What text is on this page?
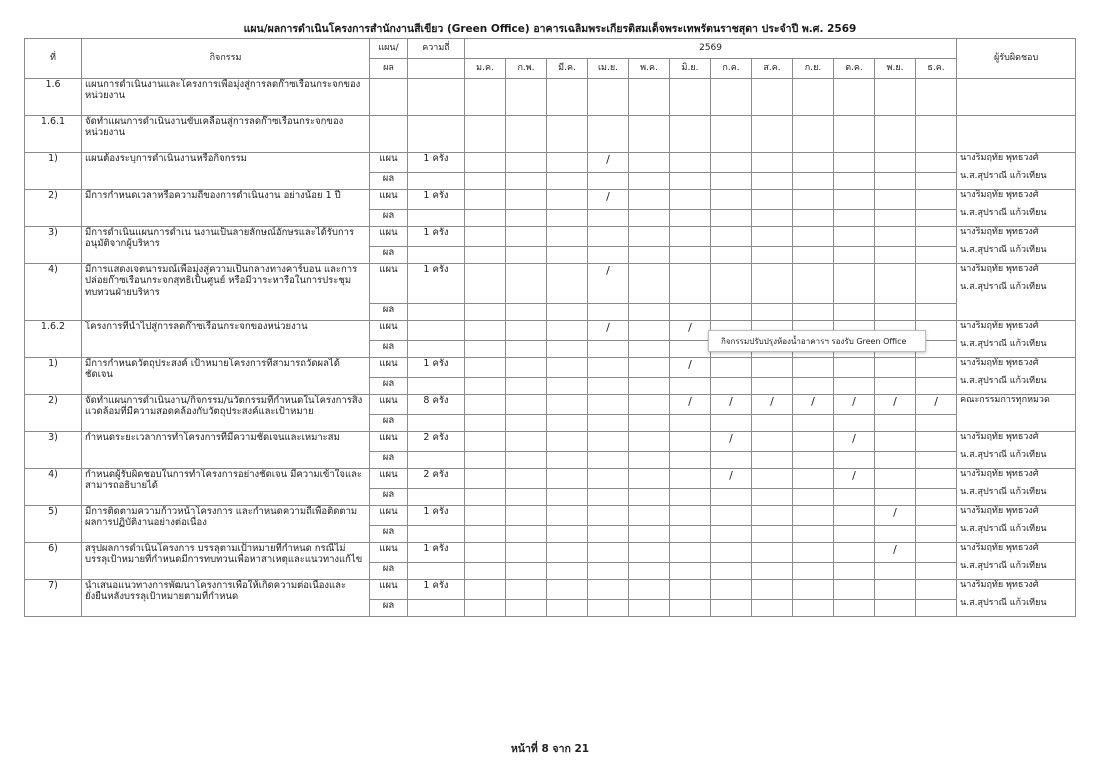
แผน/ผลการดำเนินโครงการสำนักงานสีเขียว (Green Office) อาคารเฉลิมพระเกียรติสมเด็จพระเทพรัตนราชสุดา ประจำปี พ.ศ. 2569
ที่	กิจกรรม	แผน/	ความถี่	2569												ผู้รับผิดชอบ
		ผล		ม.ค.	ก.พ.	มี.ค.	เม.ย.	พ.ค.	มิ.ย.	ก.ค.	ส.ค.	ก.ย.	ต.ค.	พ.ย.	ธ.ค.	
1.6	แผนการดำเนินงานและโครงการเพื่อมุ่งสู่การลดก๊าซเรือนกระจกของหน่วยงาน															
1.6.1	จัดทำแผนการดำเนินงานขับเคลื่อนสู่การลดก๊าซเรือนกระจกของหน่วยงาน															
1)	แผนต้องระบุการดำเนินงานหรือกิจกรรม	แผน	1 ครั้ง				/									นางริมฤทัย พุทธวงศ์
น.ส.สุปราณี แก้วเทียน

		ผล														
2)	มีการกำหนดเวลาหรือความถี่ของการดำเนินงาน อย่างน้อย 1 ปี	แผน	1 ครั้ง				/									นางริมฤทัย พุทธวงศ์
น.ส.สุปราณี แก้วเทียน

		ผล														
3)	มีการดำเนินแผนการดำเน นงานเป็นลายลักษณ์อักษรและได้รับการอนุมัติจากผู้บริหาร	แผน	1 ครั้ง													นางริมฤทัย พุทธวงศ์
น.ส.สุปราณี แก้วเทียน

		ผล														
4)	มีการแสดงเจตนารมณ์เพื่อมุ่งสู่ความเป็นกลางทางคาร์บอน และการปล่อยก๊าซเรือนกระจกสุทธิเป็นศูนย์ หรือมีวาระหารือในการประชุมทบทวนฝ่ายบริหาร	แผน	1 ครั้ง				/									นางริมฤทัย พุทธวงศ์
น.ส.สุปราณี แก้วเทียน

		ผล														
1.6.2	โครงการที่นำไปสู่การลดก๊าซเรือนกระจกของหน่วยงาน	แผน					/		/							นางริมฤทัย พุทธวงศ์
น.ส.สุปราณี แก้วเทียน

		ผล														
1)	มีการกำหนดวัตถุประสงค์ เป้าหมายโครงการที่สามารถวัดผลได้ชัดเจน	แผน	1 ครั้ง						/							นางริมฤทัย พุทธวงศ์
น.ส.สุปราณี แก้วเทียน

		ผล														
2)	จัดทำแผนการดำเนินงาน/กิจกรรม/นวัตกรรมที่กำหนดในโครงการสิ่งแวดล้อมที่มีความสอดคล้องกับวัตถุประสงค์และเป้าหมาย	แผน	8 ครั้ง						/	/	/	/	/	/	/	คณะกรรมการทุกหมวด

		ผล														
3)	กำหนดระยะเวลาการทำโครงการที่มีความชัดเจนและเหมาะสม	แผน	2 ครั้ง							/			/			นางริมฤทัย พุทธวงศ์
น.ส.สุปราณี แก้วเทียน

		ผล														
4)	กำหนดผู้รับผิดชอบในการทำโครงการอย่างชัดเจน มีความเข้าใจและสามารถอธิบายได้	แผน	2 ครั้ง							/			/			นางริมฤทัย พุทธวงศ์
น.ส.สุปราณี แก้วเทียน

		ผล														
5)	มีการติดตามความก้าวหน้าโครงการ และกำหนดความถี่เพื่อติดตามผลการปฏิบัติงานอย่างต่อเนื่อง	แผน	1 ครั้ง											/		นางริมฤทัย พุทธวงศ์
น.ส.สุปราณี แก้วเทียน

		ผล														
6)	สรุปผลการดำเนินโครงการ บรรลุตามเป้าหมายที่กำหนด กรณีไม่บรรลุเป้าหมายที่กำหนดมีการทบทวนเพื่อหาสาเหตุและแนวทางแก้ไข	แผน	1 ครั้ง											/		นางริมฤทัย พุทธวงศ์
น.ส.สุปราณี แก้วเทียน

		ผล														
7)	นำเสนอแนวทางการพัฒนาโครงการเพื่อให้เกิดความต่อเนื่องและยั่งยืนหลังบรรลุเป้าหมายตามที่กำหนด	แผน	1 ครั้ง													นางริมฤทัย พุทธวงศ์
น.ส.สุปราณี แก้วเทียน

		ผล														
กิจกรรมปรับปรุงห้องน้ำอาคารฯ รองรับ Green Office
หน้าที่ 8 จาก 21
